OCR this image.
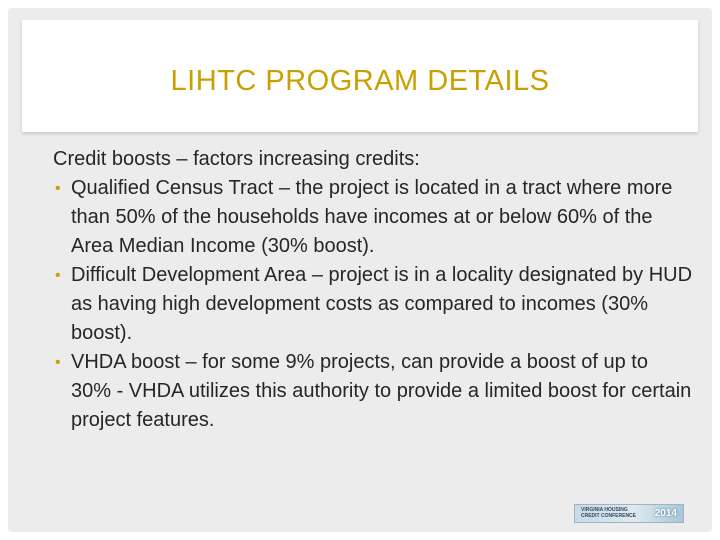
LIHTC PROGRAM DETAILS

Credit boosts – factors increasing credits:

• Qualified Census Tract – the project is located in a tract where more than 50% of the households have incomes at or below 60% of the Area Median Income (30% boost).
• Difficult Development Area – project is in a locality designated by HUD as having high development costs as compared to incomes (30% boost).
• VHDA boost – for some 9% projects, can provide a boost of up to 30% - VHDA utilizes this authority to provide a limited boost for certain project features.
VIRGINIA HOUSING CREDIT CONFERENCE 2014
